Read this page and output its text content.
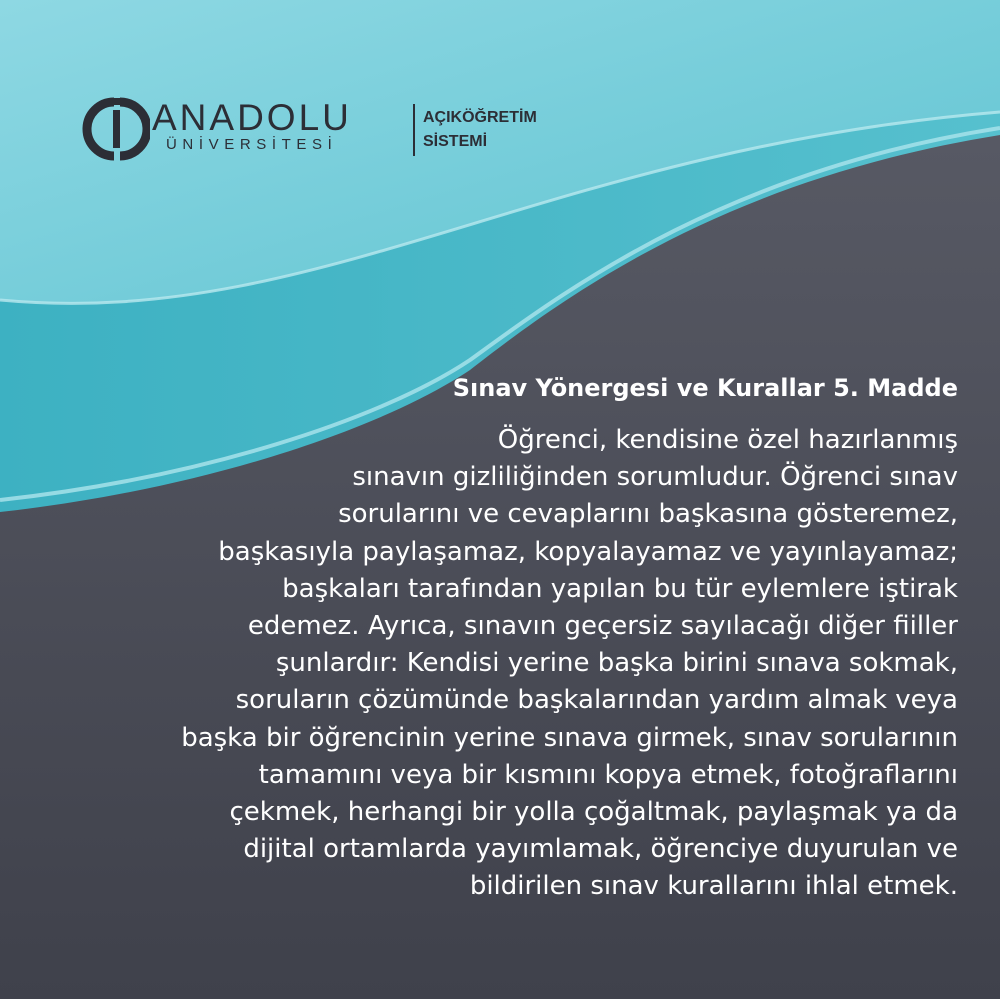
ANADOLU
ÜNİVERSİTESİ
AÇIKÖĞRETİM
SİSTEMİ
Sınav Yönergesi ve Kurallar 5. Madde
Öğrenci, kendisine özel hazırlanmış
sınavın gizliliğinden sorumludur. Öğrenci sınav
sorularını ve cevaplarını başkasına gösteremez,
başkasıyla paylaşamaz, kopyalayamaz ve yayınlayamaz;
başkaları tarafından yapılan bu tür eylemlere iştirak
edemez. Ayrıca, sınavın geçersiz sayılacağı diğer fiiller
şunlardır: Kendisi yerine başka birini sınava sokmak,
soruların çözümünde başkalarından yardım almak veya
başka bir öğrencinin yerine sınava girmek, sınav sorularının
tamamını veya bir kısmını kopya etmek, fotoğraflarını
çekmek, herhangi bir yolla çoğaltmak, paylaşmak ya da
dijital ortamlarda yayımlamak, öğrenciye duyurulan ve
bildirilen sınav kurallarını ihlal etmek.
